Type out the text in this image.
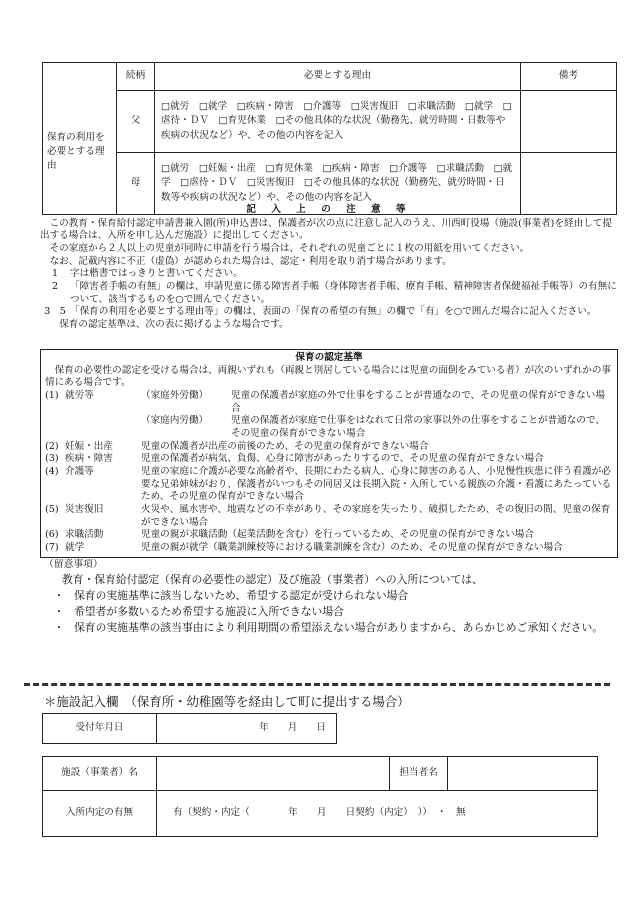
	続柄	必要とする理由	備考
保育の利用を必要とする理由	父	□就労　□就学　□疾病・障害　□介護等　□災害復旧　□求職活動　□就学　□虐待・ＤＶ　□育児休業　□その他具体的な状況（勤務先、就労時間・日数等や疾病の状況など）や、その他の内容を記入	
	母	□就労　□妊娠・出産　□育児休業　□疾病・障害　□介護等　□求職活動　□就学　□虐待・ＤＶ　□災害復旧　□その他具体的な状況（勤務先、就労時間・日数等や疾病の状況など）や、その他の内容を記入	
記 入 上 の 注 意 等

この教育・保育給付認定申請書兼入園(所)申込書は、保護者が次の点に注意し記入のうえ、川西町役場（施設(事業者)を経由して提出する場合は、入所を申し込んだ施設）に提出してください。

その家庭から２人以上の児童が同時に申請を行う場合は、それぞれの児童ごとに１枚の用紙を用いてください。

なお、記載内容に不正（虚偽）が認められた場合は、認定・利用を取り消す場合があります。

1	字は楷書ではっきりと書いてください。
2	「障害者手帳の有無」の欄は、申請児童に係る障害者手帳（身体障害者手帳、療育手帳、精神障害者保健福祉手帳等）の有無について、該当するものを○で囲んでください。
3　5 「保育の利用を必要とする理由等」の欄は、表面の「保育の希望の有無」の欄で「有」を○で囲んだ場合に記入ください。

保育の認定基準は、次の表に掲げるような場合です。

保育の認定基準
保育の必要性の認定を受ける場合は、両親いずれも（両親と別居している場合には児童の面倒をみている者）が次のいずれかの事情にある場合です。
(1) 就労等	（家庭外労働）	児童の保護者が家庭の外で仕事をすることが普通なので、その児童の保育ができない場合
（家庭内労働）	児童の保護者が家庭で仕事をはなれて日常の家事以外の仕事をすることが普通なので、その児童の保育ができない場合
(2) 妊娠・出産	児童の保護者が出産の前後のため、その児童の保育ができない場合
(3) 疾病・障害	児童の保護者が病気、負傷、心身に障害があったりするので、その児童の保育ができない場合
(4) 介護等	児童の家庭に介護が必要な高齢者や、長期にわたる病人、心身に障害のある人、小児慢性疾患に伴う看護が必要な兄弟姉妹がおり、保護者がいつもその同居又は長期入院・入所している親族の介護・看護にあたっているため、その児童の保育ができない場合
(5) 災害復旧	火災や、風水害や、地震などの不幸があり、その家庭を失ったり、破損したため、その復旧の間、児童の保育ができない場合
(6) 求職活動	児童の親が求職活動（起業活動を含む）を行っているため、その児童の保育ができない場合
(7) 就学	児童の親が就学（職業訓練校等における職業訓練を含む）のため、その児童の保育ができない場合
（留意事項）
教育・保育給付認定（保育の必要性の認定）及び施設（事業者）への入所については、
・ 保育の実施基準に該当しないため、希望する認定が受けられない場合
・ 希望者が多数いるため希望する施設に入所できない場合
・ 保育の実施基準の該当事由により利用期間の希望添えない場合がありますから、あらかじめご承知ください。
＊施設記入欄　（保育所・幼稚園等を経由して町に提出する場合）
受付年月日	年 月 日
施設（事業者）名		担当者名	
入所内定の有無	有（契約・内定（　　　　年　　月　　日契約（内定）　））　・　無		
